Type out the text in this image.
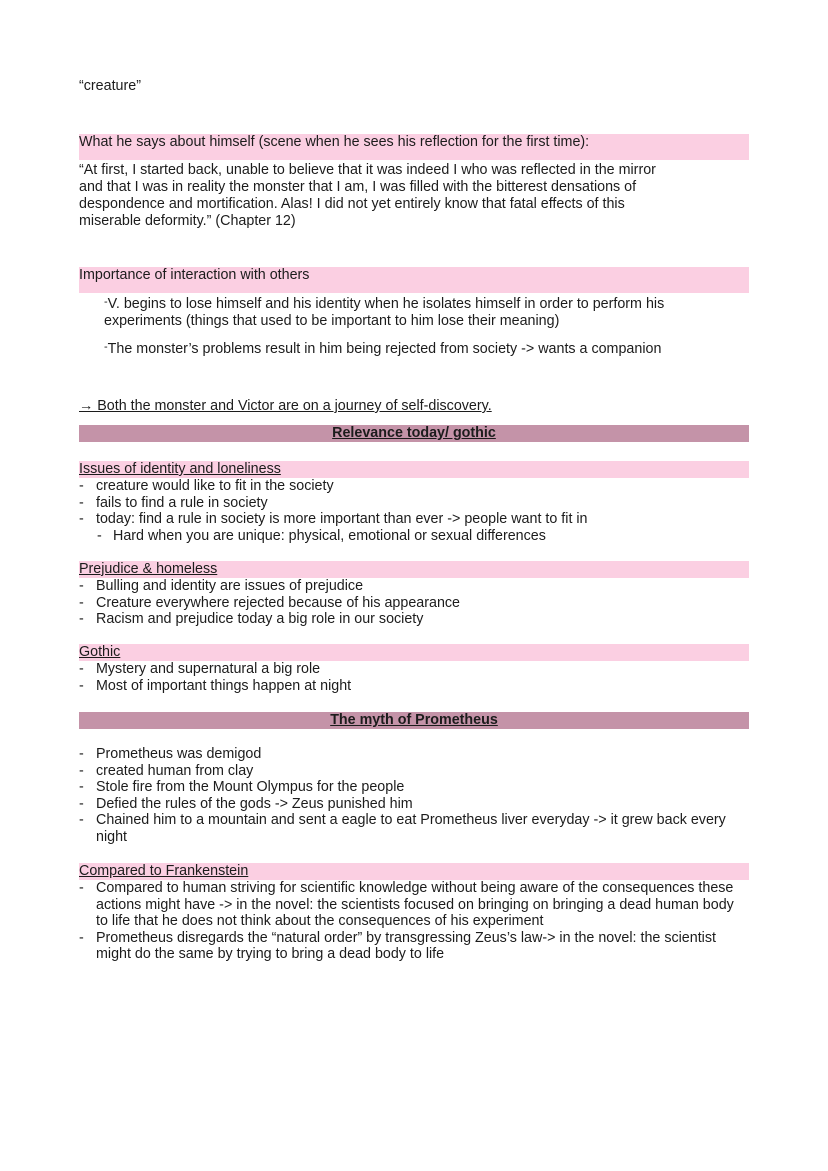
“creature”
What he says about himself (scene when he sees his reflection for the first time):
“At first, I started back, unable to believe that it was indeed I who was reflected in the mirror
and that I was in reality the monster that I am, I was filled with the bitterest densations of
despondence and mortification. Alas! I did not yet entirely know that fatal effects of this
miserable deformity.” (Chapter 12)
Importance of interaction with others
-V. begins to lose himself and his identity when he isolates himself in order to perform his experiments (things that used to be important to him lose their meaning)
-The monster’s problems result in him being rejected from society -> wants a companion
→ Both the monster and Victor are on a journey of self-discovery.
Relevance today/ gothic
Issues of identity and loneliness
- creature would like to fit in the society
- fails to find a rule in society
- today: find a rule in society is more important than ever -> people want to fit in
- Hard when you are unique: physical, emotional or sexual differences
Prejudice & homeless
- Bulling and identity are issues of prejudice
- Creature everywhere rejected because of his appearance
- Racism and prejudice today a big role in our society
Gothic
- Mystery and supernatural a big role
- Most of important things happen at night
The myth of Prometheus
- Prometheus was demigod
- created human from clay
- Stole fire from the Mount Olympus for the people
- Defied the rules of the gods -> Zeus punished him
- Chained him to a mountain and sent a eagle to eat Prometheus liver everyday -> it grew back every night
Compared to Frankenstein
- Compared to human striving for scientific knowledge without being aware of the consequences these actions might have -> in the novel: the scientists focused on bringing on bringing a dead human body to life that he does not think about the consequences of his experiment
- Prometheus disregards the “natural order” by transgressing Zeus’s law-> in the novel: the scientist might do the same by trying to bring a dead body to life
